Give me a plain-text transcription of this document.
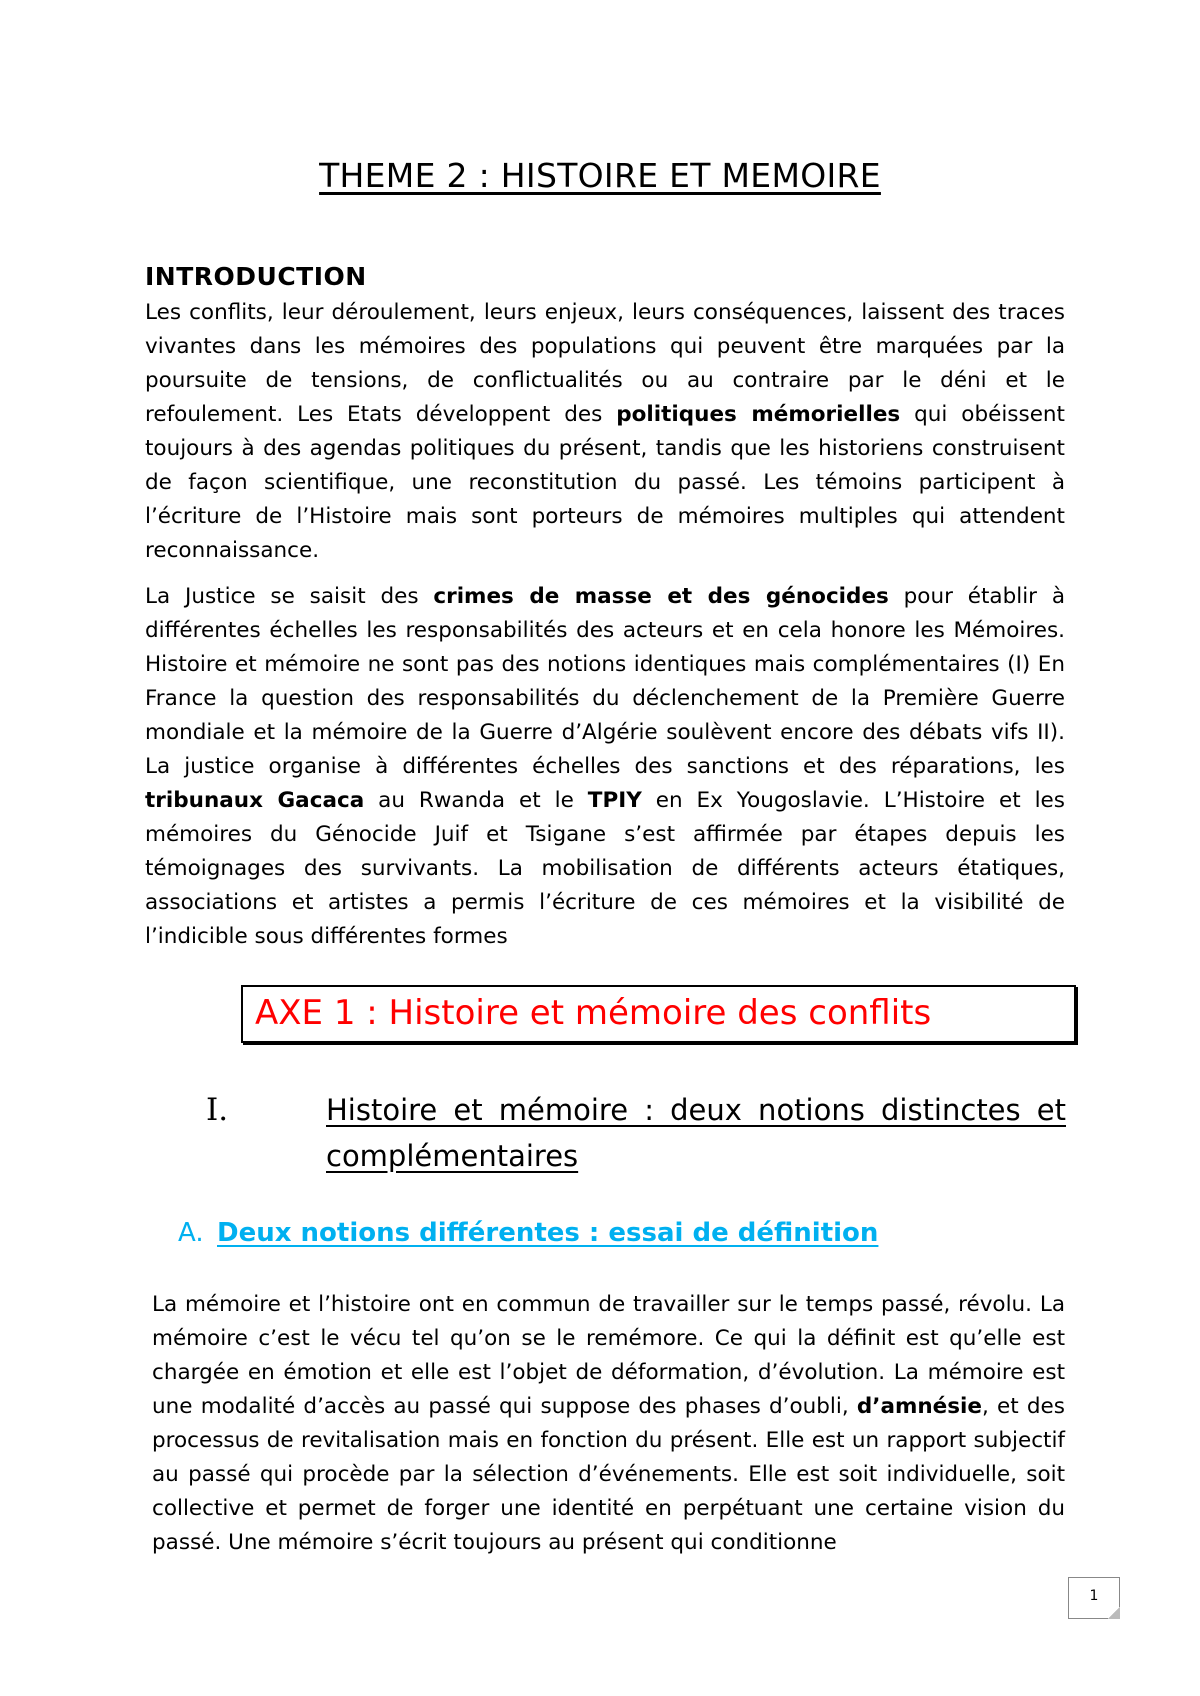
THEME 2 : HISTOIRE ET MEMOIRE
INTRODUCTION

Les conflits, leur déroulement, leurs enjeux, leurs conséquences, laissent des traces vivantes dans les mémoires des populations qui peuvent être marquées par la poursuite de tensions, de conflictualités ou au contraire par le déni et le refoulement. Les Etats développent des politiques mémorielles qui obéissent toujours à des agendas politiques du présent, tandis que les historiens construisent de façon scientifique, une reconstitution du passé. Les témoins participent à l’écriture de l’Histoire mais sont porteurs de mémoires multiples qui attendent reconnaissance.

La Justice se saisit des crimes de masse et des génocides pour établir à différentes échelles les responsabilités des acteurs et en cela honore les Mémoires. Histoire et mémoire ne sont pas des notions identiques mais complémentaires (I) En France la question des responsabilités du déclenchement de la Première Guerre mondiale et la mémoire de la Guerre d’Algérie soulèvent encore des débats vifs II). La justice organise à différentes échelles des sanctions et des réparations, les tribunaux Gacaca au Rwanda et le TPIY en Ex Yougoslavie. L’Histoire et les mémoires du Génocide Juif et Tsigane s’est affirmée par étapes depuis les témoignages des survivants. La mobilisation de différents acteurs étatiques, associations et artistes a permis l’écriture de ces mémoires et la visibilité de l’indicible sous différentes formes

AXE 1 : Histoire et mémoire des conflits
I.	Histoire et mémoire : deux notions distinctes et complémentaires
A. Deux notions différentes : essai de définition

La mémoire et l’histoire ont en commun de travailler sur le temps passé, révolu. La mémoire c’est le vécu tel qu’on se le remémore. Ce qui la définit est qu’elle est chargée en émotion et elle est l’objet de déformation, d’évolution. La mémoire est une modalité d’accès au passé qui suppose des phases d’oubli, d’amnésie, et des processus de revitalisation mais en fonction du présent. Elle est un rapport subjectif au passé qui procède par la sélection d’événements. Elle est soit individuelle, soit collective et permet de forger une identité en perpétuant une certaine vision du passé. Une mémoire s’écrit toujours au présent qui conditionne

1
